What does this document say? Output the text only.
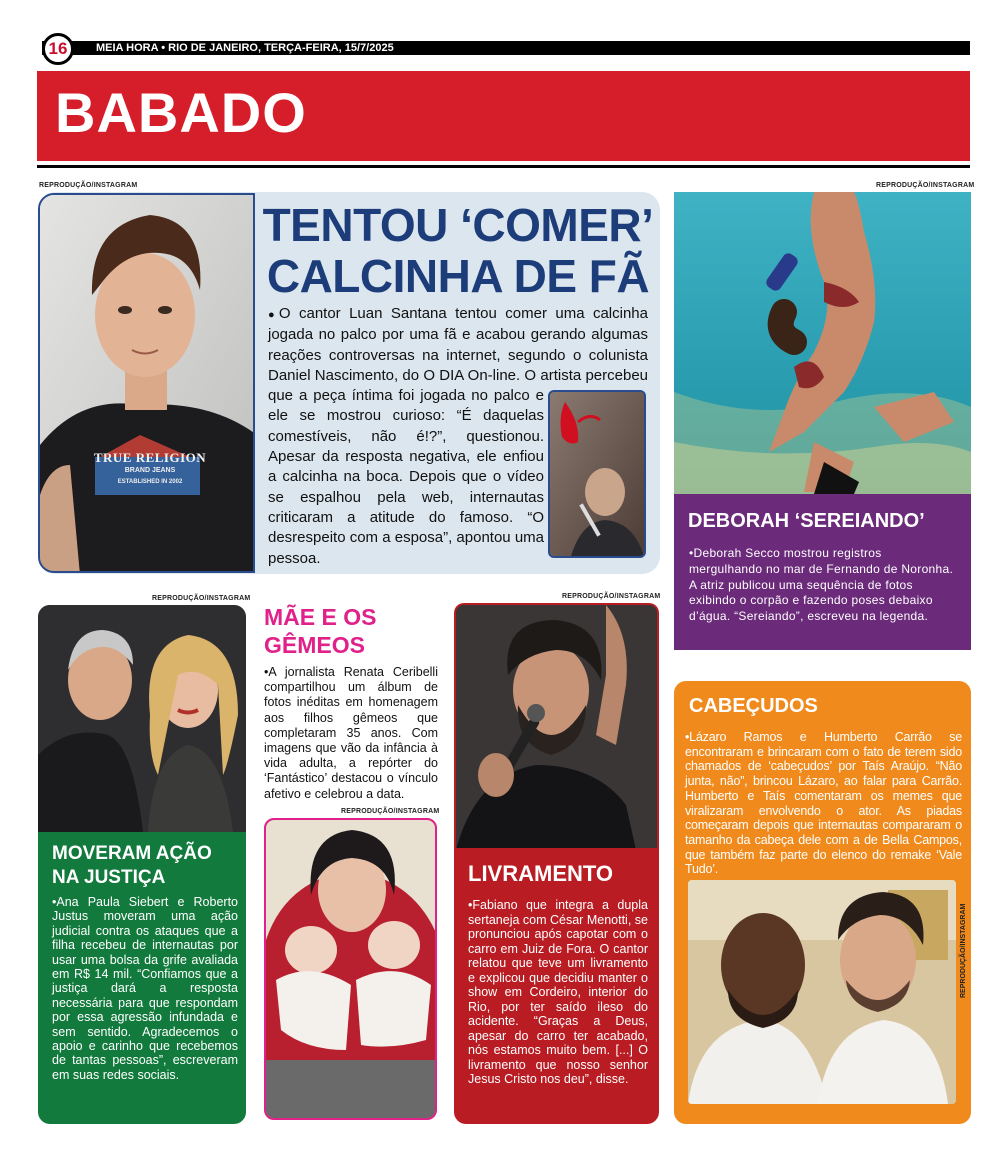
16	MEIA HORA • RIO DE JANEIRO, TERÇA-FEIRA, 15/7/2025
BABADO
REPRODUÇÃO/INSTAGRAM	REPRODUÇÃO/INSTAGRAM
TRUE RELIGION
BRAND JEANS
ESTABLISHED IN 2002
TENTOU ‘COMER’
CALCINHA DE FÃ
●O cantor Luan Santana tentou comer uma calcinha jogada no palco por uma fã e acabou gerando algumas reações controversas na internet, segundo o colunista Daniel Nascimento, do O DIA On-line. O artista percebeu que a peça íntima foi jogada no palco e ele se mostrou curioso: “É daquelas comestíveis, não é!?”, questionou. Apesar da resposta negativa, ele enfiou a calcinha na boca. Depois que o vídeo se espalhou pela web, internautas criticaram a atitude do famoso. “O desrespeito com a esposa”, apontou uma pessoa.
DEBORAH ‘SEREIANDO’
•Deborah Secco mostrou registros mergulhando no mar de Fernando de Noronha. A atriz publicou uma sequência de fotos exibindo o corpão e fazendo poses debaixo d’água. “Sereiando”, escreveu na legenda.
REPRODUÇÃO/INSTAGRAM
MOVERAM AÇÃO NA JUSTIÇA
•Ana Paula Siebert e Roberto Justus moveram uma ação judicial contra os ataques que a filha recebeu de internautas por usar uma bolsa da grife avaliada em R$ 14 mil. “Confiamos que a justiça dará a resposta necessária para que respondam por essa agressão infundada e sem sentido. Agradecemos o apoio e carinho que recebemos de tantas pessoas”, escreveram em suas redes sociais.
MÃE E OS GÊMEOS
•A jornalista Renata Ceribelli compartilhou um álbum de fotos inéditas em homenagem aos filhos gêmeos que completaram 35 anos. Com imagens que vão da infância à vida adulta, a repórter do ‘Fantástico’ destacou o vínculo afetivo e celebrou a data.
REPRODUÇÃO/INSTAGRAM
REPRODUÇÃO/INSTAGRAM
LIVRAMENTO
•Fabiano que integra a dupla sertaneja com César Menotti, se pronunciou após capotar com o carro em Juiz de Fora. O cantor relatou que teve um livramento e explicou que decidiu manter o show em Cordeiro, interior do Rio, por ter saído ileso do acidente. “Graças a Deus, apesar do carro ter acabado, nós estamos muito bem. [...] O livramento que nosso senhor Jesus Cristo nos deu”, disse.
CABEÇUDOS
•Lázaro Ramos e Humberto Carrão se encontraram e brincaram com o fato de terem sido chamados de ‘cabeçudos’ por Taís Araújo. “Não junta, não”, brincou Lázaro, ao falar para Carrão. Humberto e Taís comentaram os memes que viralizaram envolvendo o ator. As piadas começaram depois que internautas compararam o tamanho da cabeça dele com a de Bella Campos, que também faz parte do elenco do remake ‘Vale Tudo’.
REPRODUÇÃO/INSTAGRAM
